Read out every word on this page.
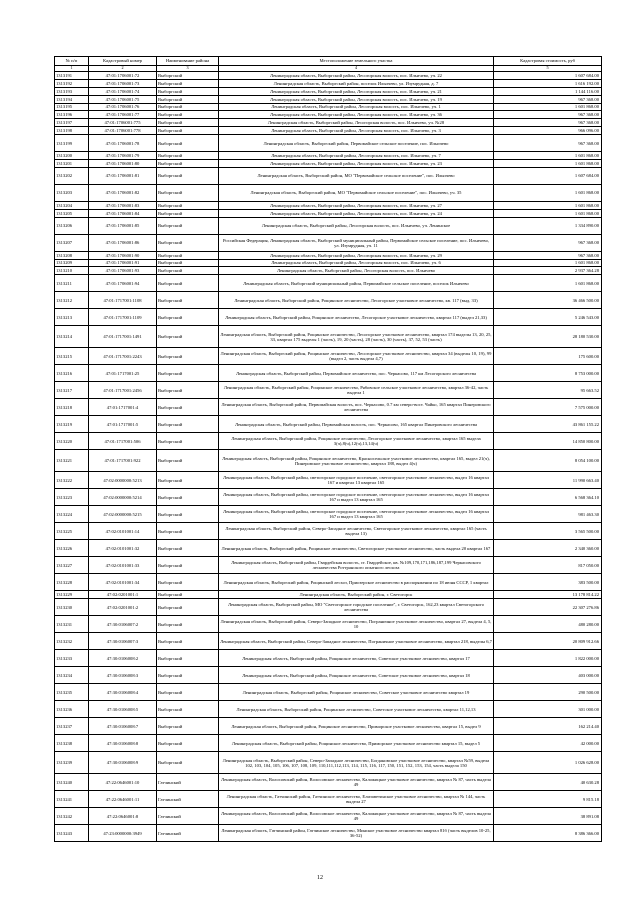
№ п/п	Кадастровый номер	Наименование района	Местоположение земельного участка	Кадастровая стоимость, руб
1	2	3	4	5
1313191	47:01:1706001:72	Выборгский	Ленинградская область, Выборгский район, Лесогорская волость, пос. Ильичево, уч. 22	1 607 684.00
1313192	47:01:1706001:73	Выборгский	Ленинградская область, Выборгский район, поселок Ильичево, ул. Изумрудная, д. 7	1 616 192.00
1313193	47:01:1706001:74	Выборгский	Ленинградская область, Выборгский район, Лесогорская волость, пос. Ильичево, уч. 21	1 144 116.00
1313194	47:01:1706001:75	Выборгский	Ленинградская область, Выборгский район, Лесогорская волость, пос. Ильичево, уч. 19	967 368.00
1313195	47:01:1706001:76	Выборгский	Ленинградская область, Выборгский район, Лесогорская волость, пос. Ильичево, уч. 1	1 601 868.00
1313196	47:01:1706001:77	Выборгский	Ленинградская область, Выборгский район, Лесогорская волость, пос. Ильичево, уч. 36	967 368.00
1313197	47:01:1706001:775	Выборгский	Ленинградская область, Выборгский район, Лесогорская волость, пос. Ильичево, уч. №28	967 368.00
1313198	47:01:1706001:778	Выборгский	Ленинградская область, Выборгский район, Лесогорская волость, пос. Ильичево, уч. 3	966 096.00
1313199	47:01:1706001:78	Выборгский	Ленинградская область, Выборгский район, Первомайское сельское поселение, пос. Ильичево	967 368.00
1313200	47:01:1706001:79	Выборгский	Ленинградская область, Выборгский район, Лесогорская волость, пос. Ильичево, уч. 7	1 601 868.00
1313201	47:01:1706001:80	Выборгский	Ленинградская область, Выборгский район, Лесогорская волость, пос. Ильичево, уч. 23	1 601 868.00
1313202	47:01:1706001:81	Выборгский	Ленинградская область, Выборгский район, МО "Первомайское сельское поселение", пос. Ильичево	1 607 684.00
1313203	47:01:1706001:82	Выборгский	Ленинградская область, Выборгский район, МО "Первомайское сельское поселение", пос. Ильичево, уч. 35	1 601 868.00
1313204	47:01:1706001:83	Выборгский	Ленинградская область, Выборгский район, Лесогорская волость, пос. Ильичево, уч. 27	1 601 868.00
1313205	47:01:1706001:84	Выборгский	Ленинградская область, Выборгский район, Лесогорская волость, пос. Ильичево, уч. 24	1 601 868.00
1313206	47:01:1706001:85	Выборгский	Ленинградская область, Выборгский район, Лесогорская волость, пос. Ильичево, уч. Ленинское	1 334 890.00
1313207	47:01:1706001:86	Выборгский	Российская Федерация, Ленинградская область, Выборгский муниципальный район, Первомайское сельское поселение, пос. Ильичево, ул. Изумрудная, уч. 11	967 368.00
1313208	47:01:1706001:90	Выборгский	Ленинградская область, Выборгский район, Лесогорская волость, пос. Ильичево, уч. 29	967 368.00
1313209	47:01:1706001:91	Выборгский	Ленинградская область, Выборгский район, Лесогорская волость, пос. Ильичево, уч. 6	1 601 868.00
1313210	47:01:1706001:93	Выборгский	Ленинградская область, Выборгский район, Лесогорская волость, пос. Ильичево	2 937 364.28
1313211	47:01:1706001:94	Выборгский	Ленинградская область, Выборгский муниципальный район, Первомайское сельское поселение, поселок Ильичево	1 601 868.00
1313212	47:01:1717001:1108	Выборгский	Ленинградская область, Выборгский район, Рощинское лесничество, Лесогорское участковое лесничество, кв. 117 (выд. 33)	36 466 500.00
1313213	47:01:1717001:1109	Выборгский	Ленинградская область, Выборгский район, Рощинское лесничество, Лесогорское участковое лесничество, квартал 117 (выдел 21,33)	5 246 543.00
1313214	47:01:1717001:1491	Выборгский	Ленинградская область, Выборгский район, Рощинское лесничество, Лесогорское участковое лесничество, квартал 174 выделы 13, 20, 25, 33, квартал 175 выделы 1 (часть), 19, 20 (часть), 28 (часть), 30 (часть), 37, 52, 53 (часть)	28 180 530.00
1313215	47:01:1717001:2243	Выборгский	Ленинградская область, Выборгский район, Рощинское лесничество, Лесогорское участковое лесничество, квартал 34 (выделы 10, 19), 99 (выдел 2, часть выдела 4,7)	175 600.00
1313216	47:01:1717001:25	Выборгский	Ленинградская область, Выборгский район, Первомайское лесничество, пос. Черкасово, 117 км Лесогорского лесничества	8 753 000.00
1313217	47:01:1717001:2456	Выборгский	Ленинградская область, Выборгский район, Рощинское лесничество, Рябовское сельское участковое лесничество, квартал 36-42, часть выдела 1	95 663.52
1313218	47:01:1717001:4	Выборгский	Ленинградская область, Выборгский район, Первомайская волость, пос. Черкасово, 0.7 км северо-вост. Чайко, 165 квартал Пинеровского лесничества	7 575 000.00
1313219	47:01:1717001:5	Выборгский	Ленинградская область, Выборгский район, Первомайская волость, пос. Черкасово, 165 квартал Пинеровского лесничества	43 861 155.22
1313220	47:01:1717001:506	Выборгский	Ленинградская область, Выборгский район, Рощинское лесничество, Лесогорское участковое лесничество, квартал 165 выдела 3(ч),8(ч),12(ч),13,14(ч)	14 850 800.00
1313221	47:01:1717001:922	Выборгский	Ленинградская область, Выборгский район, Рощинское лесничество, Красносельское участковое лесничество, квартал 165, выдел 21(ч), Пинеровское участковое лесничество, квартал 188, выдел 4(ч)	8 054 100.00
1313222	47:02:0000000:5213	Выборгский	Ленинградская область, Выборгский район, светогорское городское поселение, светогорское участковое лесничество, выдел 16 квартал 167 и квартал 13 квартал 165	11 990 663.40
1313223	47:02:0000000:5214	Выборгский	Ленинградская область, Выборгский район, светогорское городское поселение, светогорское участковое лесничество, выдел 16 квартал 167 и выдел 13 квартал 165	6 568 364.10
1313224	47:02:0000000:5215	Выборгский	Ленинградская область, Выборгский район, светогорское городское поселение, светогорское участковое лесничество, выдел 16 квартал 167 и выдел 13 квартал 165	981 463.30
1313225	47:02:0101001:14	Выборгский	Ленинградская область, Выборгский район, Северо-Западное лесничество, Светогорское участковое лесничество, квартал 165 (часть выдела 13)	3 565 500.00
1313226	47:02:0101001:32	Выборгский	Ленинградская область, Выборгский район, Рощинское лесничество, Светогорское участковое лесничество, часть выдела 20 квартал 167	2 340 360.00
1313227	47:02:0101001:33	Выборгский	Ленинградская область, Выборгский район, Гвардейская волость, ст. Гвардейское, кв. №109,170,171,186,187,199 Черкасовского лесничества Роттранского опытного лесхоза	817 050.00
1313228	47:02:0101001:34	Выборгский	Ленинградская область, Выборгский район, Рощинский лесхоз, Приозерское лесничество в распоряжении по 18 июня СССР, 1 квартал	383 500.00
1313229	47:02:0201001:1	Выборгский	Ленинградская область, Выборгский район, г. Светогорск	13 178 814.22
1313230	47:02:0201001:2	Выборгский	Ленинградская область, Выборгский район, МО "Светогорское городское поселение", г. Светогорск, 162,23 квартал Светогорского лесничества	22 307 276.86
1313231	47:30:0106007:2	Выборгский	Ленинградская область, Выборгский район, Северо-Западное лесничество, Пограничное участковое лесничество, квартал 27, выдела 4, 5, 10	480 280.00
1313232	47:30:0106007:3	Выборгский	Ленинградская область, Выборгский район, Северо-Западное лесничество, Пограничное участковое лесничество, квартал 218, выделы 6,7	20 809 912.66
1313233	47:30:0106008:2	Выборгский	Ленинградская область, Выборгский район, Рощинское лесничество, Советское участковое лесничество, квартал 17	1 822 000.00
1313234	47:30:0106008:3	Выборгский	Ленинградская область, Выборгский район, Рощинское лесничество, Советское участковое лесничество, квартал 18	403 000.00
1313235	47:30:0106008:4	Выборгский	Ленинградская область, Выборгский район, Рощинское лесничество, Советское участковое лесничество квартал 19	290 500.00
1313236	47:30:0106008:5	Выборгский	Ленинградская область, Выборгский район, Рощинское лесничество, Советское участковое лесничество, квартал 11,12,13	301 000.00
1313237	47:30:0106008:7	Выборгский	Ленинградская область, Выборгский район, Рощинское лесничество, Приморское участковое лесничество, квартал 15, выдел 9	162 214.40
1313238	47:30:0106008:8	Выборгский	Ленинградская область, Выборгский район, Рощинское лесничество, Приморское участковое лесничество квартал 15, выдел 5	42 000.00
1313239	47:30:0106008:9	Выборгский	Ленинградская область, Выборгский район, Северо-Западное лесничество, Богдановское участковое лесничество, квартал №59, выдела 102, 103, 104, 105, 106, 107, 108, 109, 110,111,112,113, 114, 115, 116, 117, 150, 151, 152, 153, 154, часть выдела 150	1 026 628.00
1313240	47:22:0646001:10	Гатчинский	Ленинградская область, Волосовский район, Волосовское лесничество, Каложицкое участковое лесничество, квартал № 87, часть выдела 49	40 630.28
1313241	47:22:0646001:11	Гатчинский	Ленинградская область, Гатчинский район, Гатчинское лесничество, Елизаветинское участковое лесничество, квартал № 144, часть выдела 27	9 815.18
1313242	47:22:0646001:8	Гатчинский	Ленинградская область, Волосовский район, Волосовское лесничество, Каложицкое участковое лесничество, квартал № 87, часть выдела 49	38 891.08
1313243	47:23:0000000:3949	Гатчинский	Ленинградская область, Гатчинский район, Гатчинское лесничество, Минское участковое лесничество квартал 81б (часть выделов 10-25, 36-52)	8 386 366.00
12
